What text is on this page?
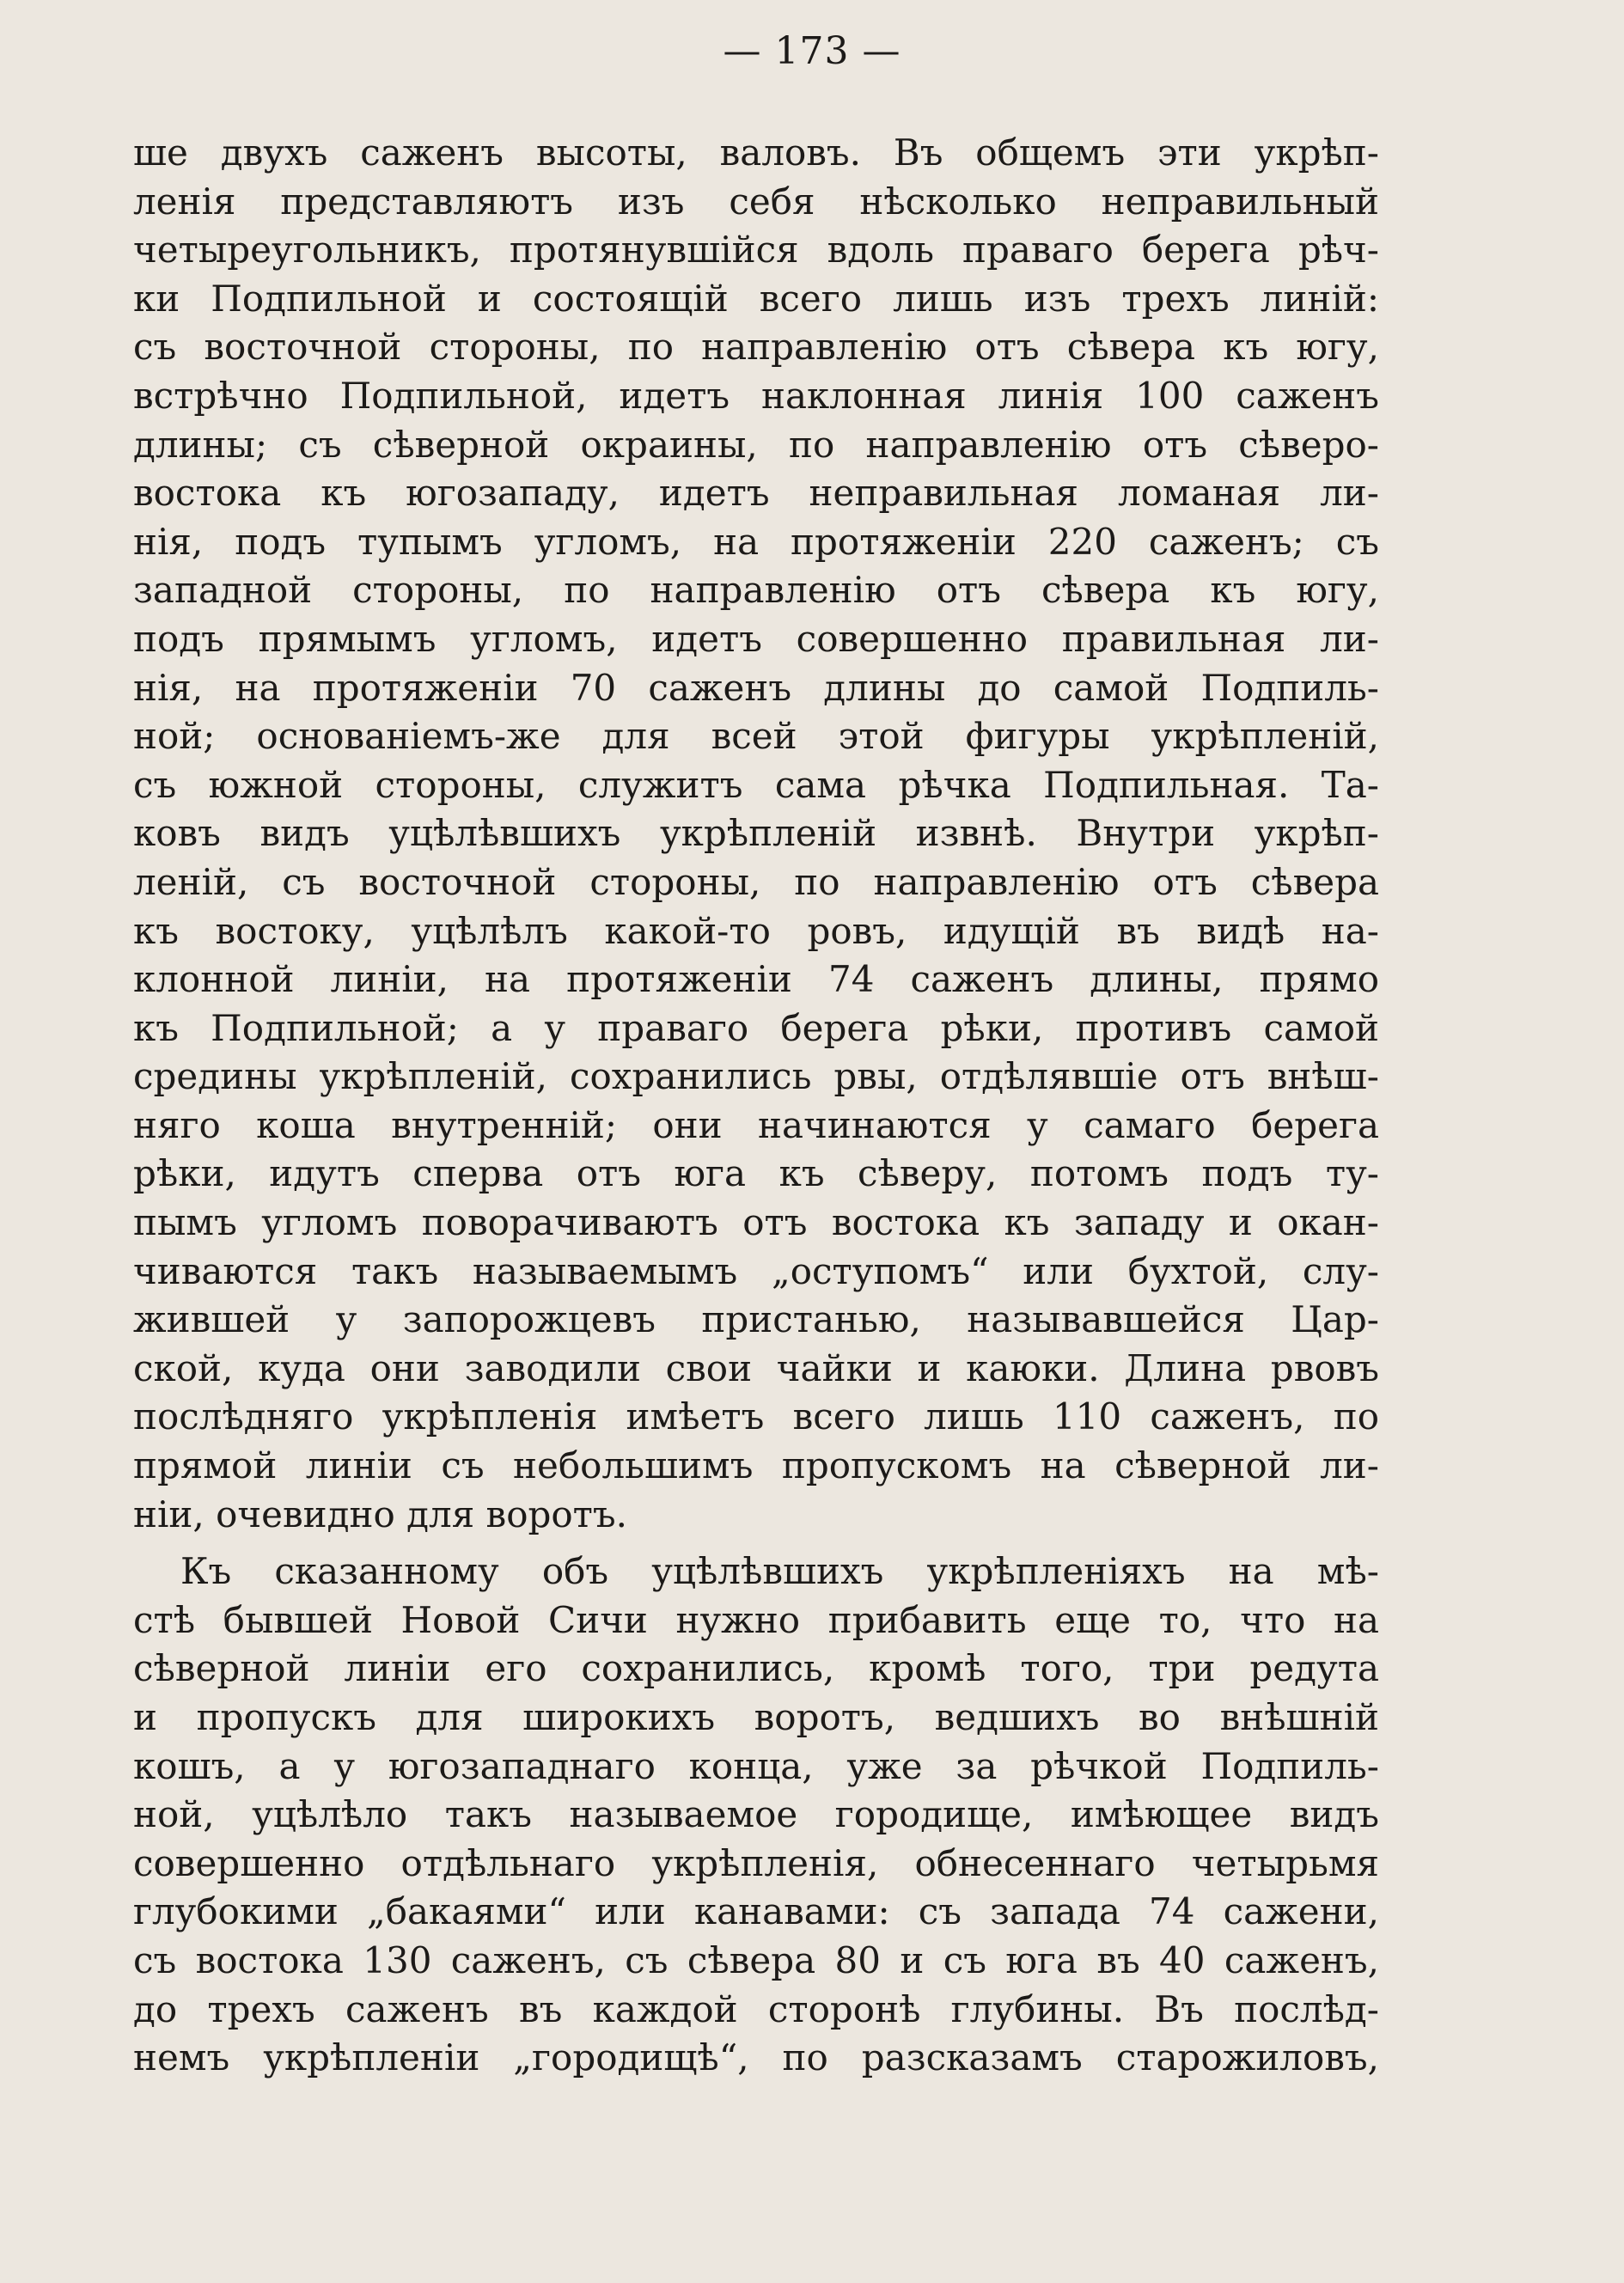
— 173 —
ше двухъ саженъ высоты, валовъ. Въ общемъ эти укрѣп-
ленія представляютъ изъ себя нѣсколько неправильный
четыреугольникъ, протянувшійся вдоль праваго берега рѣч-
ки Подпильной и состоящій всего лишь изъ трехъ линій:
съ восточной стороны, по направленію отъ сѣвера къ югу,
встрѣчно Подпильной, идетъ наклонная линія 100 саженъ
длины; съ сѣверной окраины, по направленію отъ сѣверо-
востока къ югозападу, идетъ неправильная ломаная ли-
нія, подъ тупымъ угломъ, на протяженіи 220 саженъ; съ
западной стороны, по направленію отъ сѣвера къ югу,
подъ прямымъ угломъ, идетъ совершенно правильная ли-
нія, на протяженіи 70 саженъ длины до самой Подпиль-
ной; основаніемъ-же для всей этой фигуры укрѣпленій,
съ южной стороны, служитъ сама рѣчка Подпильная. Та-
ковъ видъ уцѣлѣвшихъ укрѣпленій извнѣ. Внутри укрѣп-
леній, съ восточной стороны, по направленію отъ сѣвера
къ востоку, уцѣлѣлъ какой-то ровъ, идущій въ видѣ на-
клонной линіи, на протяженіи 74 саженъ длины, прямо
къ Подпильной; а у праваго берега рѣки, противъ самой
средины укрѣпленій, сохранились рвы, отдѣлявшіе отъ внѣш-
няго коша внутренній; они начинаются у самаго берега
рѣки, идутъ сперва отъ юга къ сѣверу, потомъ подъ ту-
пымъ угломъ поворачиваютъ отъ востока къ западу и окан-
чиваются такъ называемымъ „оступомъ“ или бухтой, слу-
жившей у запорожцевъ пристанью, называвшейся Цар-
ской, куда они заводили свои чайки и каюки. Длина рвовъ
послѣдняго укрѣпленія имѣетъ всего лишь 110 саженъ, по
прямой линіи съ небольшимъ пропускомъ на сѣверной ли-
ніи, очевидно для воротъ.
Къ сказанному объ уцѣлѣвшихъ укрѣпленіяхъ на мѣ-
стѣ бывшей Новой Сичи нужно прибавить еще то, что на
сѣверной линіи его сохранились, кромѣ того, три редута
и пропускъ для широкихъ воротъ, ведшихъ во внѣшній
кошъ, а у югозападнаго конца, уже за рѣчкой Подпиль-
ной, уцѣлѣло такъ называемое городище, имѣющее видъ
совершенно отдѣльнаго укрѣпленія, обнесеннаго четырьмя
глубокими „бакаями“ или канавами: съ запада 74 сажени,
съ востока 130 саженъ, съ сѣвера 80 и съ юга въ 40 саженъ,
до трехъ саженъ въ каждой сторонѣ глубины. Въ послѣд-
немъ укрѣпленіи „городищѣ“, по разсказамъ старожиловъ,
